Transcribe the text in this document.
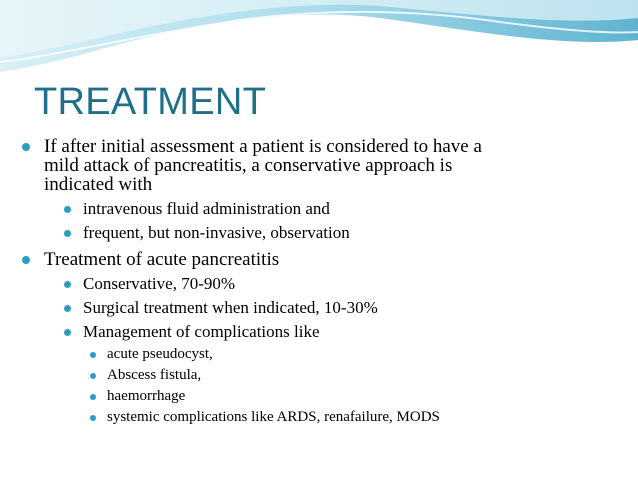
TREATMENT
If after initial assessment a patient is considered to have a
mild attack of pancreatitis, a conservative approach is
indicated with
intravenous fluid administration and
frequent, but non-invasive, observation
Treatment of acute pancreatitis
Conservative, 70-90%
Surgical treatment when indicated, 10-30%
Management of complications like
acute pseudocyst,
Abscess fistula,
haemorrhage
systemic complications like ARDS, renafailure, MODS
